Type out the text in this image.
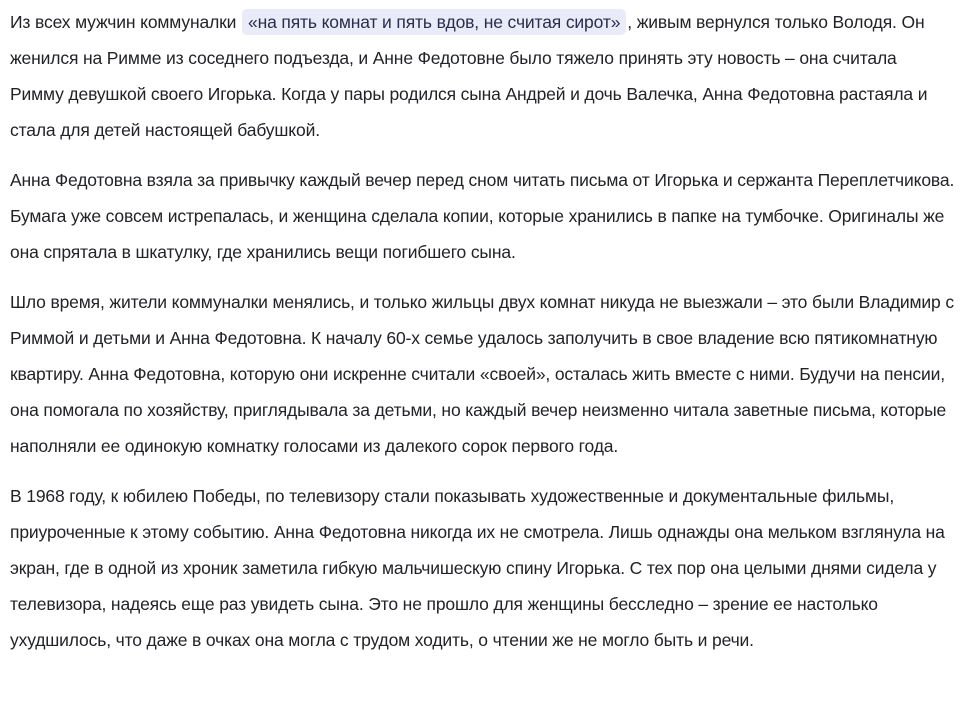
Из всех мужчин коммуналки «на пять комнат и пять вдов, не считая сирот» , живым вернулся только Володя. Он женился на Римме из соседнего подъезда, и Анне Федотовне было тяжело принять эту новость – она считала Римму девушкой своего Игорька. Когда у пары родился сына Андрей и дочь Валечка, Анна Федотовна растаяла и стала для детей настоящей бабушкой.

Анна Федотовна взяла за привычку каждый вечер перед сном читать письма от Игорька и сержанта Переплетчикова. Бумага уже совсем истрепалась, и женщина сделала копии, которые хранились в папке на тумбочке. Оригиналы же она спрятала в шкатулку, где хранились вещи погибшего сына.

Шло время, жители коммуналки менялись, и только жильцы двух комнат никуда не выезжали – это были Владимир с Риммой и детьми и Анна Федотовна. К началу 60-х семье удалось заполучить в свое владение всю пятикомнатную квартиру. Анна Федотовна, которую они искренне считали «своей», осталась жить вместе с ними. Будучи на пенсии, она помогала по хозяйству, приглядывала за детьми, но каждый вечер неизменно читала заветные письма, которые наполняли ее одинокую комнатку голосами из далекого сорок первого года.

В 1968 году, к юбилею Победы, по телевизору стали показывать художественные и документальные фильмы, приуроченные к этому событию. Анна Федотовна никогда их не смотрела. Лишь однажды она мельком взглянула на экран, где в одной из хроник заметила гибкую мальчишескую спину Игорька. С тех пор она целыми днями сидела у телевизора, надеясь еще раз увидеть сына. Это не прошло для женщины бесследно – зрение ее настолько ухудшилось, что даже в очках она могла с трудом ходить, о чтении же не могло быть и речи.
